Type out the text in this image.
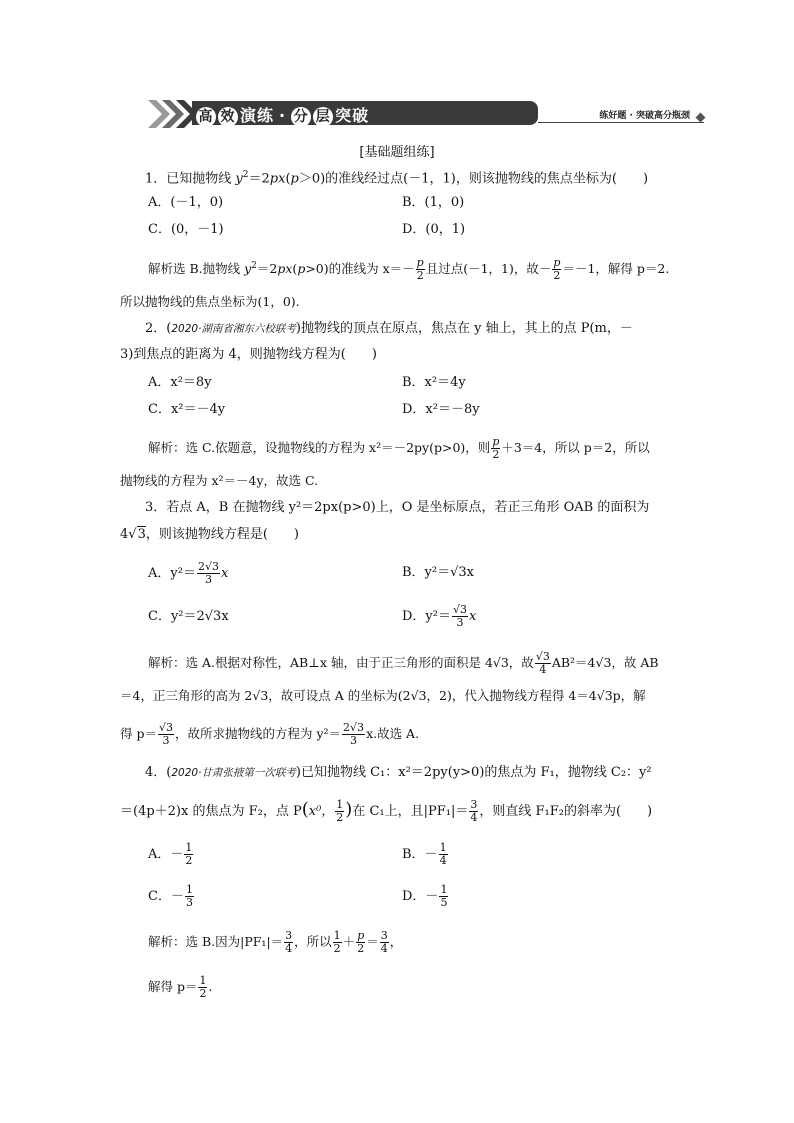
高 效 演练 · 分 层 突破	练好题 · 突破高分瓶颈
[基础题组练]
1．已知抛物线 $y^2=2px(p>0)$的准线经过点(－1，1)，则该抛物线的焦点坐标为(　　)
A．(－1，0)	B．(1，0)
C．(0，－1)	D．(0，1)
解析选 B.抛物线 $y^2=2px(p>0)$的准线为 $x=- \frac{p}{2}$ 且过点(－1，1)，故－ $\frac{p}{2} =-1$，解得 p＝2.
所以抛物线的焦点坐标为(1，0).
2．(2020·湖南省湘东六校联考)抛物线的顶点在原点，焦点在 y 轴上，其上的点 P(m，－
3)到焦点的距离为 4，则抛物线方程为(　　)
A．x²＝8y	B．x²＝4y
C．x²＝－4y	D．x²＝－8y
解析：选 C.依题意，设抛物线的方程为 x²＝－2py(p>0)，则 $\frac{p}{2} +3=4$，所以 p＝2，所以
抛物线的方程为 x²＝－4y，故选 C.
3．若点 A，B 在抛物线 y²＝2px(p>0)上，O 是坐标原点，若正三角形 OAB 的面积为
4√3，则该抛物线方程是(　　)
A．$y^2= \frac{2√3}{3}$ x	B．y²＝√3x
C．y²＝2√3x	D．$y^2= \frac{√3}{3}$ x
解析：选 A.根据对称性，AB⊥x 轴，由于正三角形的面积是 4√3，故 $\frac{√3}{4} AB^2=4√3$，故 AB
＝4，正三角形的高为 2√3，故可设点 A 的坐标为(2√3，2)，代入抛物线方程得 4＝4√3p，解
得 $p= \frac{√3}{3}$ ，故所求抛物线的方程为 $y^2= \frac{2√3}{3} x$.故选 A.
4．(2020·甘肃张掖第一次联考)已知抛物线 C₁：x²＝2py(y>0)的焦点为 F₁，抛物线 C₂：y²
＝(4p＋2)x 的焦点为 F₂，点 P(x⁰， $\frac{1}{2}$ )在 C₁上，且$|PF_1|= \frac{3}{4}$ ，则直线 F₁F₂的斜率为(　　)
A．－ $\frac{1}{2}$	B．－ $\frac{1}{4}$
C．－ $\frac{1}{3}$	D．－ $\frac{1}{5}$
解析：选 B.因为$|PF_1|= \frac{3}{4}$ ，所以 $\frac{1}{2} + \frac{p}{2} = \frac{3}{4}$ ，
解得 $p= \frac{1}{2}$ .
